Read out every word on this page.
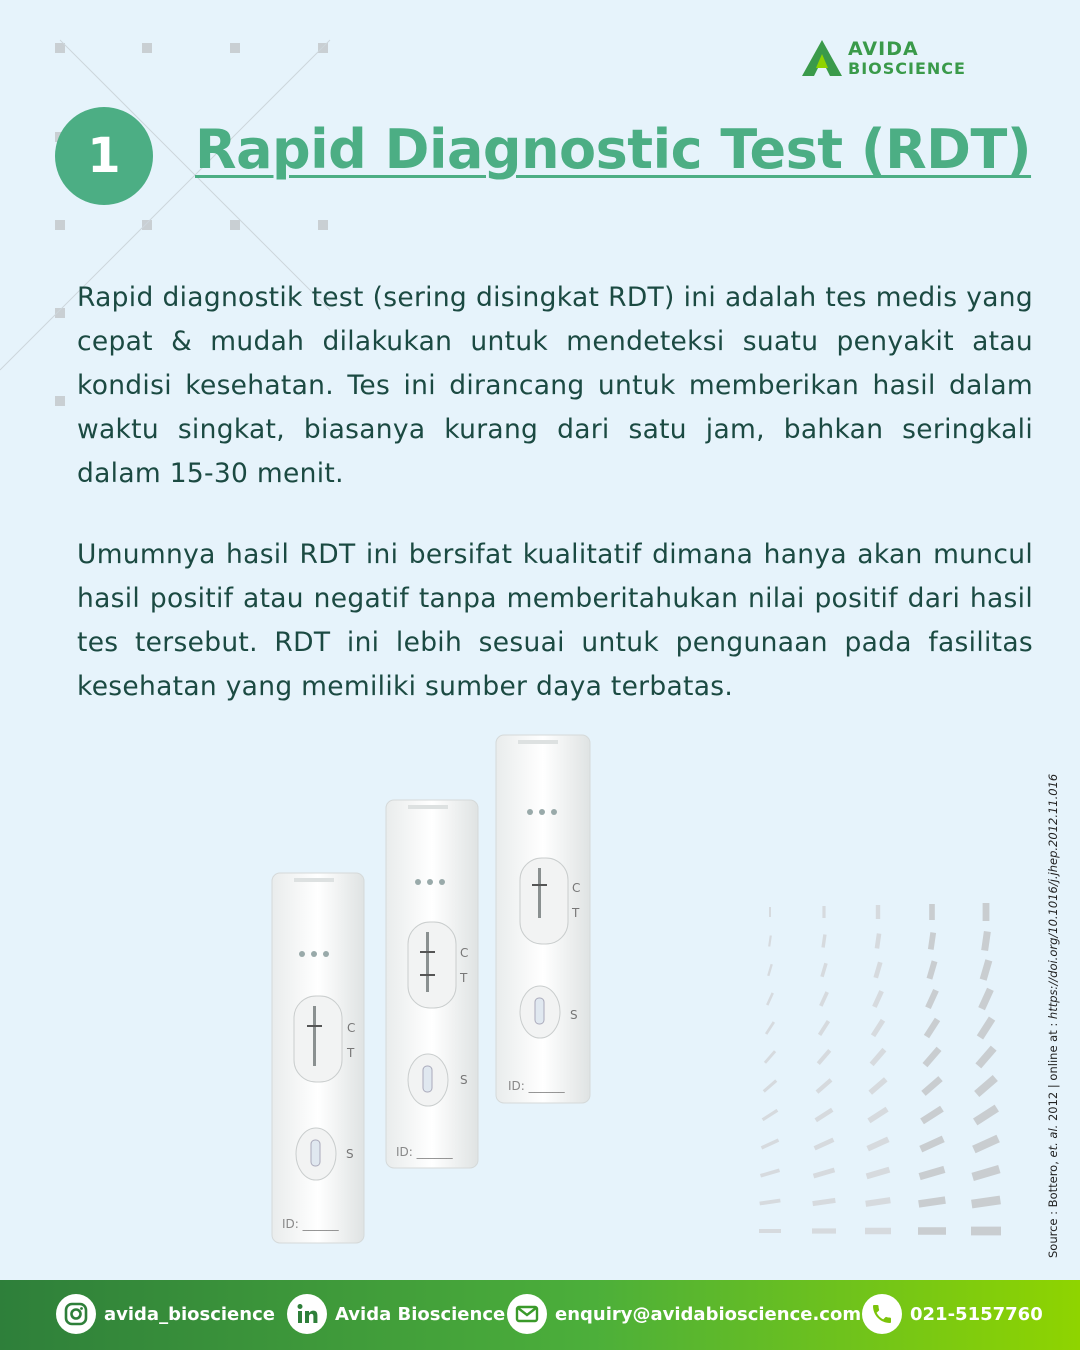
AVIDA
BIOSCIENCE
1	Rapid Diagnostic Test (RDT)

Rapid diagnostik test (sering disingkat RDT) ini adalah tes medis yang cepat & mudah dilakukan untuk mendeteksi suatu penyakit atau kondisi kesehatan. Tes ini dirancang untuk memberikan hasil dalam waktu singkat, biasanya kurang dari satu jam, bahkan seringkali dalam 15-30 menit.

Umumnya hasil RDT ini bersifat kualitatif dimana hanya akan muncul hasil positif atau negatif tanpa memberitahukan nilai positif dari hasil tes tersebut. RDT ini lebih sesuai untuk pengunaan pada fasilitas kesehatan yang memiliki sumber daya terbatas.

C
T
S
ID: ______
C
T
S
ID: ______
C
T
S
ID: ______	Source : Bottero, et. al. 2012 | online at : https://doi.org/10.1016/j.jhep.2012.11.016
avida_bioscience	Avida Bioscience	enquiry@avidabioscience.com	021-5157760
